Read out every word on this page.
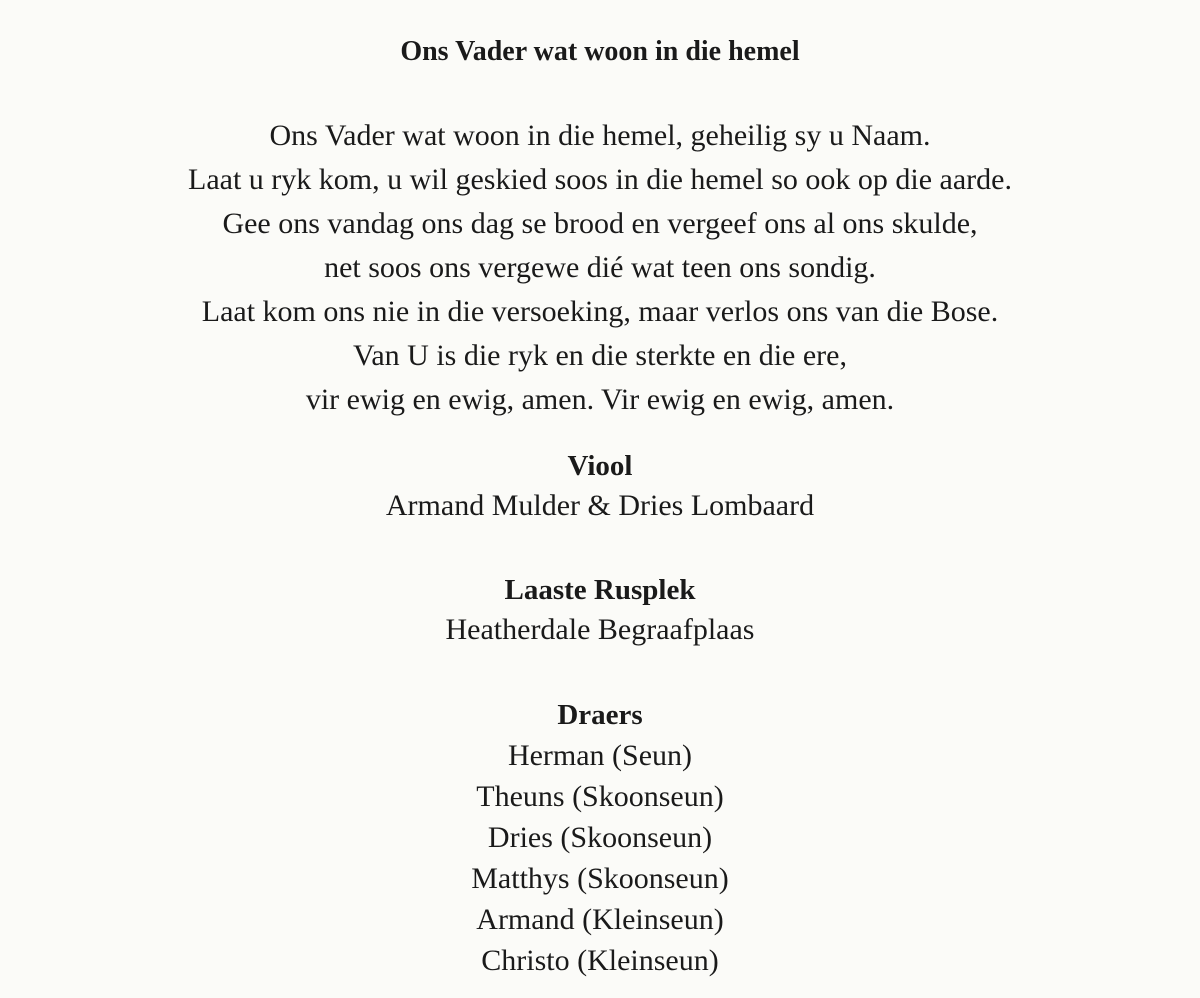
Ons Vader wat woon in die hemel

Ons Vader wat woon in die hemel, geheilig sy u Naam.
Laat u ryk kom, u wil geskied soos in die hemel so ook op die aarde.
Gee ons vandag ons dag se brood en vergeef ons al ons skulde,
net soos ons vergewe dié wat teen ons sondig.
Laat kom ons nie in die versoeking, maar verlos ons van die Bose.
Van U is die ryk en die sterkte en die ere,
vir ewig en ewig, amen. Vir ewig en ewig, amen.

Viool
Armand Mulder & Dries Lombaard
Laaste Rusplek
Heatherdale Begraafplaas
Draers
Herman (Seun)
Theuns (Skoonseun)
Dries (Skoonseun)
Matthys (Skoonseun)
Armand (Kleinseun)
Christo (Kleinseun)
